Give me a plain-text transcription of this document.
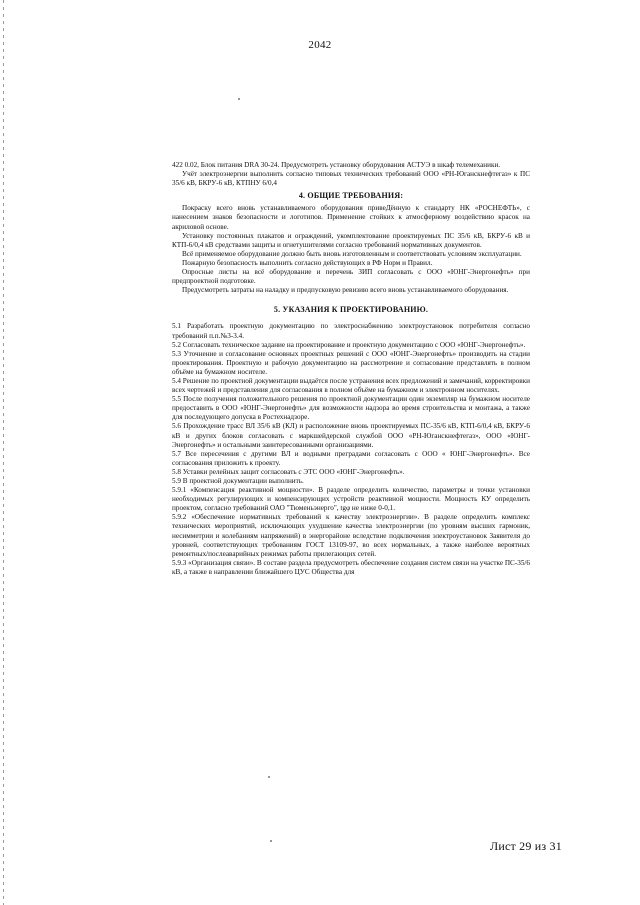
2042

422 0.02, Блок питания DRA 30-24. Предусмотреть установку оборудования АСТУЭ в шкаф телемеханики.

Учёт электроэнергии выполнить согласно типовых технических требований ООО «РН-Юганскнефтегаз» к ПС 35/6 кВ, БКРУ-6 кВ, КТПНУ 6/0,4

4. ОБЩИЕ ТРЕБОВАНИЯ:

Покраску всего вновь устанавливаемого оборудования привеДённую к стандарту НК «РОСНЕФТЬ», с нанесением знаков безопасности и логотипов. Применение стойких к атмосферному воздействию красок на акриловой основе.

Установку постоянных плакатов и ограждений, укомплектование проектируемых ПС 35/6 кВ, БКРУ-6 кВ и КТП-6/0,4 кВ средствами защиты и огнетушителями согласно требований нормативных документов.

Всё применяемое оборудование должно быть вновь изготовленным и соответствовать условиям эксплуатации.

Пожарную безопасность выполнить согласно действующих в РФ Норм и Правил.

Опросные листы на всё оборудование и перечень ЗИП согласовать с ООО «ЮНГ-Энергонефть» при предпроектной подготовке.

Предусмотреть затраты на наладку и предпусковую ревизию всего вновь устанавливаемого оборудования.

5. УКАЗАНИЯ К ПРОЕКТИРОВАНИЮ.

5.1 Разработать проектную документацию по электроснабжению электроустановок потребителя согласно требований п.п.№3-3.4.

5.2 Согласовать техническое задание на проектирование и проектную документацию с ООО «ЮНГ-Энергонефть».

5.3 Уточнение и согласование основных проектных решений с ООО «ЮНГ-Энергонефть» производить на стадии проектирования. Проектную и рабочую документацию на рассмотрение и согласование представлять в полном объёме на бумажном носителе.

5.4 Решение по проектной документации выдаётся после устранения всех предложений и замечаний, корректировки всех чертежей и представления для согласования в полном объёме на бумажном и электронном носителях.

5.5 После получения положительного решения по проектной документации один экземпляр на бумажном носителе предоставить в ООО «ЮНГ-Энергонефть» для возможности надзора во время строительства и монтажа, а также для последующего допуска в Ростехнадзоре.

5.6 Прохождение трасс ВЛ 35/6 кВ (КЛ) и расположение вновь проектируемых ПС-35/6 кВ, КТП-6/0,4 кВ, БКРУ-6 кВ и других блоков согласовать с маркшейдерской службой ООО «РН-Юганскнефтегаз», ООО «ЮНГ-Энергонефть» и остальными заинтересованными организациями.

5.7 Все пересечения с другими ВЛ и водными преградами согласовать с ООО « ЮНГ-Энергонефть». Все согласования приложить к проекту.

5.8 Уставки релейных защит согласовать с ЭТС ООО «ЮНГ-Энергонефть».

5.9 В проектной документации выполнить.

5.9.1 «Компенсация реактивной мощности». В разделе определить количество, параметры и точки установки необходимых регулирующих и компенсирующих устройств реактивной мощности. Мощность КУ определить проектом, согласно требований ОАО "Тюменьэнерго", tgφ не ниже 0-0,1.

5.9.2 «Обеспечение нормативных требований к качеству электроэнергии». В разделе определить комплекс технических мероприятий, исключающих ухудшение качества электроэнергии (по уровням высших гармоник, несимметрии и колебаниям напряжений) в энергорайоне вследствие подключения электроустановок Заявителя до уровней, соответствующих требованиям ГОСТ 13109-97, во всех нормальных, а также наиболее вероятных ремонтных/послеаварийных режимах работы прилегающих сетей.

5.9.3 «Организация связи». В составе раздела предусмотреть обеспечение создания систем связи на участке ПС-35/6 кВ, а также в направлении ближайшего ЦУС Общества для

Лист 29 из 31
